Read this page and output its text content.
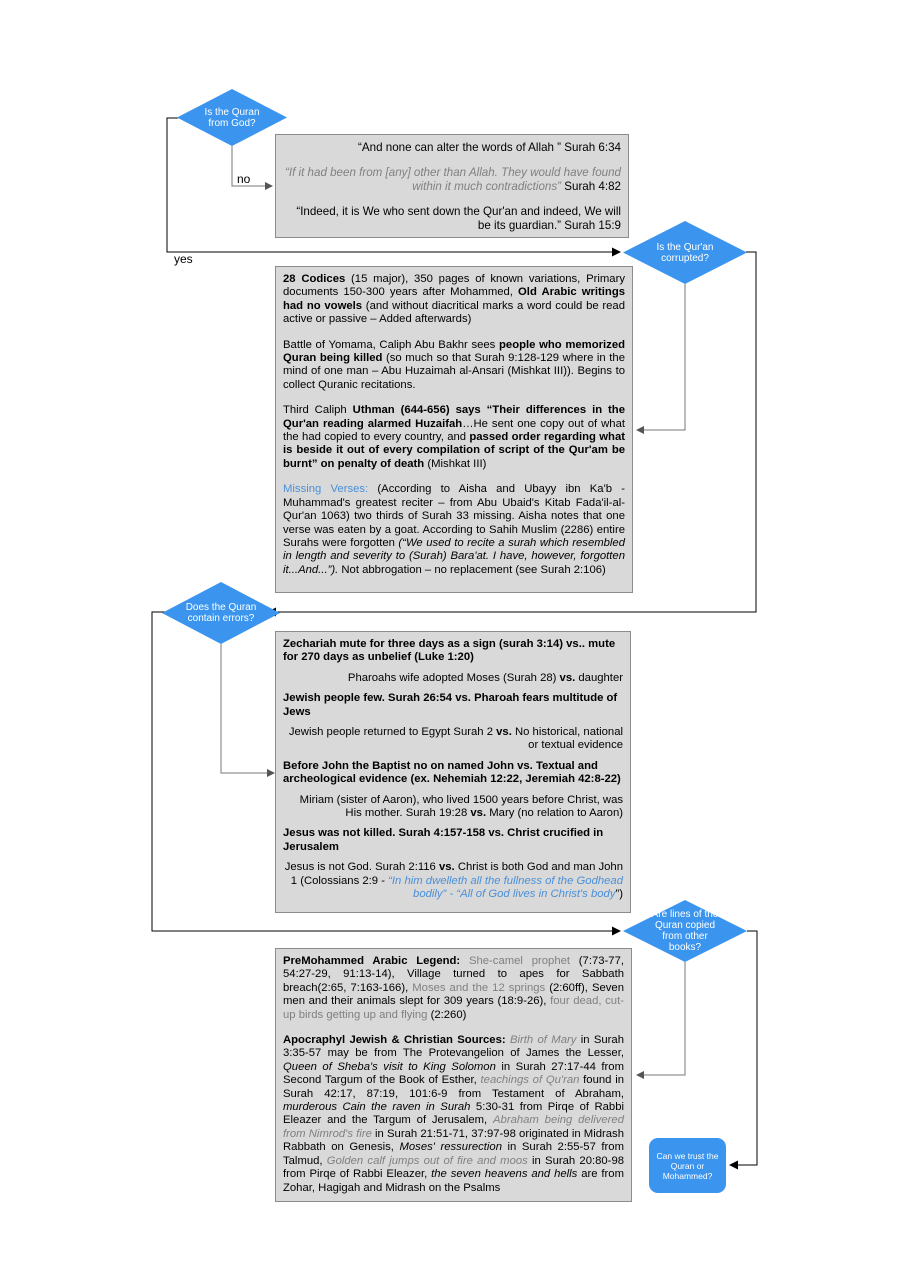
Is the Quran from God?
Is the Qur'an corrupted?
Does the Quran contain errors?
Are lines of the Quran copied from other books?
no
yes

“And none can alter the words of Allah ” Surah 6:34

“If it had been from [any] other than Allah. They would have found within it much contradictions” Surah 4:82

“Indeed, it is We who sent down the Qur'an and indeed, We will be its guardian.” Surah 15:9

28 Codices (15 major), 350 pages of known variations, Primary documents 150-300 years after Mohammed, Old Arabic writings had no vowels (and without diacritical marks a word could be read active or passive – Added afterwards)

Battle of Yomama, Caliph Abu Bakhr sees people who memorized Quran being killed (so much so that Surah 9:128-129 where in the mind of one man – Abu Huzaimah al-Ansari (Mishkat III)). Begins to collect Quranic recitations.

Third Caliph Uthman (644-656) says “Their differences in the Qur'an reading alarmed Huzaifah…He sent one copy out of what the had copied to every country, and passed order regarding what is beside it out of every compilation of script of the Qur'am be burnt” on penalty of death (Mishkat III)

Missing Verses: (According to Aisha and Ubayy ibn Ka'b - Muhammad's greatest reciter – from Abu Ubaid's Kitab Fada'il-al-Qur'an 1063) two thirds of Surah 33 missing. Aisha notes that one verse was eaten by a goat. According to Sahih Muslim (2286) entire Surahs were forgotten (“We used to recite a surah which resembled in length and severity to (Surah) Bara'at. I have, however, forgotten it...And...”). Not abbrogation – no replacement (see Surah 2:106)

Zechariah mute for three days as a sign (surah 3:14) vs.. mute for 270 days as unbelief (Luke 1:20)

Pharoahs wife adopted Moses (Surah 28) vs. daughter

Jewish people few. Surah 26:54 vs. Pharoah fears multitude of Jews

Jewish people returned to Egypt Surah 2 vs. No historical, national or textual evidence

Before John the Baptist no on named John vs. Textual and archeological evidence (ex. Nehemiah 12:22, Jeremiah 42:8-22)

Miriam (sister of Aaron), who lived 1500 years before Christ, was His mother. Surah 19:28 vs. Mary (no relation to Aaron)

Jesus was not killed. Surah 4:157-158 vs. Christ crucified in Jerusalem

Jesus is not God. Surah 2:116 vs. Christ is both God and man John 1 (Colossians 2:9 - “In him dwelleth all the fullness of the Godhead bodily” - “All of God lives in Christ's body”)

PreMohammed Arabic Legend: She-camel prophet (7:73-77, 54:27-29, 91:13-14), Village turned to apes for Sabbath breach(2:65, 7:163-166), Moses and the 12 springs (2:60ff), Seven men and their animals slept for 309 years (18:9-26), four dead, cut-up birds getting up and flying (2:260)

Apocraphyl Jewish & Christian Sources: Birth of Mary in Surah 3:35-57 may be from The Protevangelion of James the Lesser, Queen of Sheba's visit to King Solomon in Surah 27:17-44 from Second Targum of the Book of Esther, teachings of Qu'ran found in Surah 42:17, 87:19, 101:6-9 from Testament of Abraham, murderous Cain the raven in Surah 5:30-31 from Pirqe of Rabbi Eleazer and the Targum of Jerusalem, Abraham being delivered from Nimrod's fire in Surah 21:51-71, 37:97-98 originated in Midrash Rabbath on Genesis, Moses' ressurection in Surah 2:55-57 from Talmud, Golden calf jumps out of fire and moos in Surah 20:80-98 from Pirqe of Rabbi Eleazer, the seven heavens and hells are from Zohar, Hagigah and Midrash on the Psalms

Can we trust the Quran or Mohammed?
